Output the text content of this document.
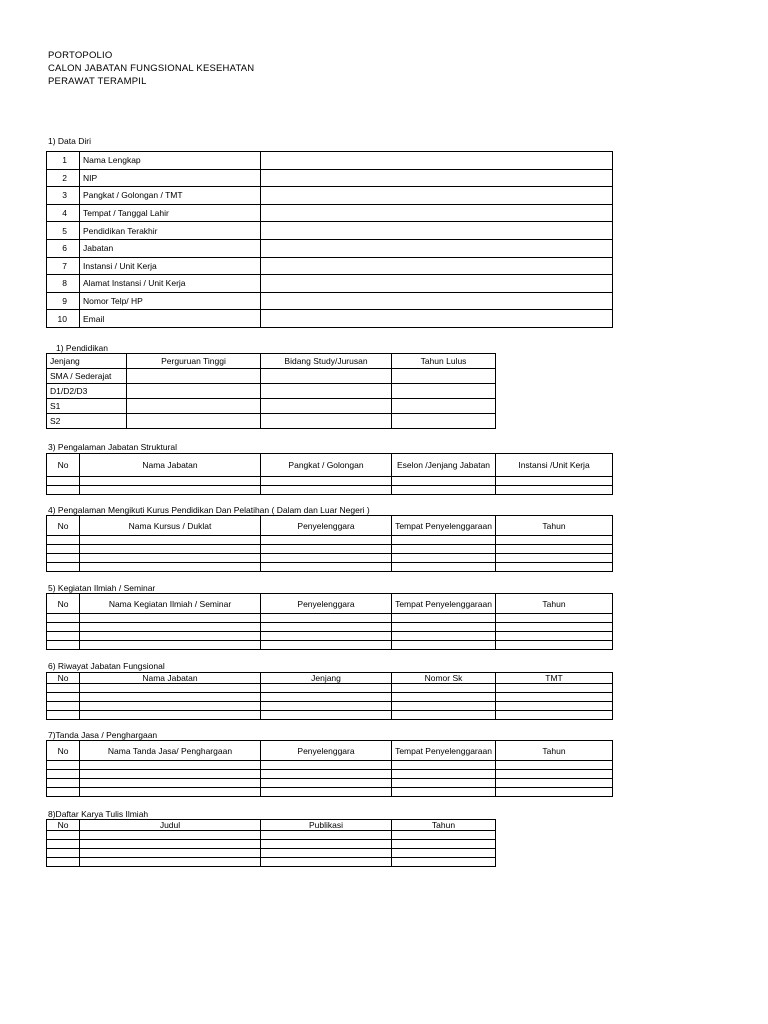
PORTOPOLIO
CALON JABATAN FUNGSIONAL KESEHATAN
PERAWAT TERAMPIL
1) Data Diri
1	Nama Lengkap	
2	NIP	
3	Pangkat / Golongan / TMT	
4	Tempat / Tanggal Lahir	
5	Pendidikan Terakhir	
6	Jabatan	
7	Instansi / Unit Kerja	
8	Alamat Instansi / Unit Kerja	
9	Nomor Telp/ HP	
10	Email	
1) Pendidikan
Jenjang	Perguruan Tinggi	Bidang Study/Jurusan	Tahun Lulus
SMA / Sederajat			
D1/D2/D3			
S1			
S2			
3) Pengalaman Jabatan Struktural
No	Nama Jabatan	Pangkat / Golongan	Eselon /Jenjang Jabatan	Instansi /Unit Kerja

4) Pengalaman Mengikuti Kurus Pendidikan Dan Pelatihan ( Dalam dan Luar Negeri )
No	Nama Kursus / Duklat	Penyelenggara	Tempat Penyelenggaraan	Tahun

5) Kegiatan Ilmiah / Seminar
No	Nama Kegiatan Ilmiah / Seminar	Penyelenggara	Tempat Penyelenggaraan	Tahun

6) Riwayat Jabatan Fungsional
No	Nama Jabatan	Jenjang	Nomor Sk	TMT

7)Tanda Jasa / Penghargaan
No	Nama Tanda Jasa/ Penghargaan	Penyelenggara	Tempat Penyelenggaraan	Tahun

8)Daftar Karya Tulis Ilmiah
No	Judul	Publikasi	Tahun
